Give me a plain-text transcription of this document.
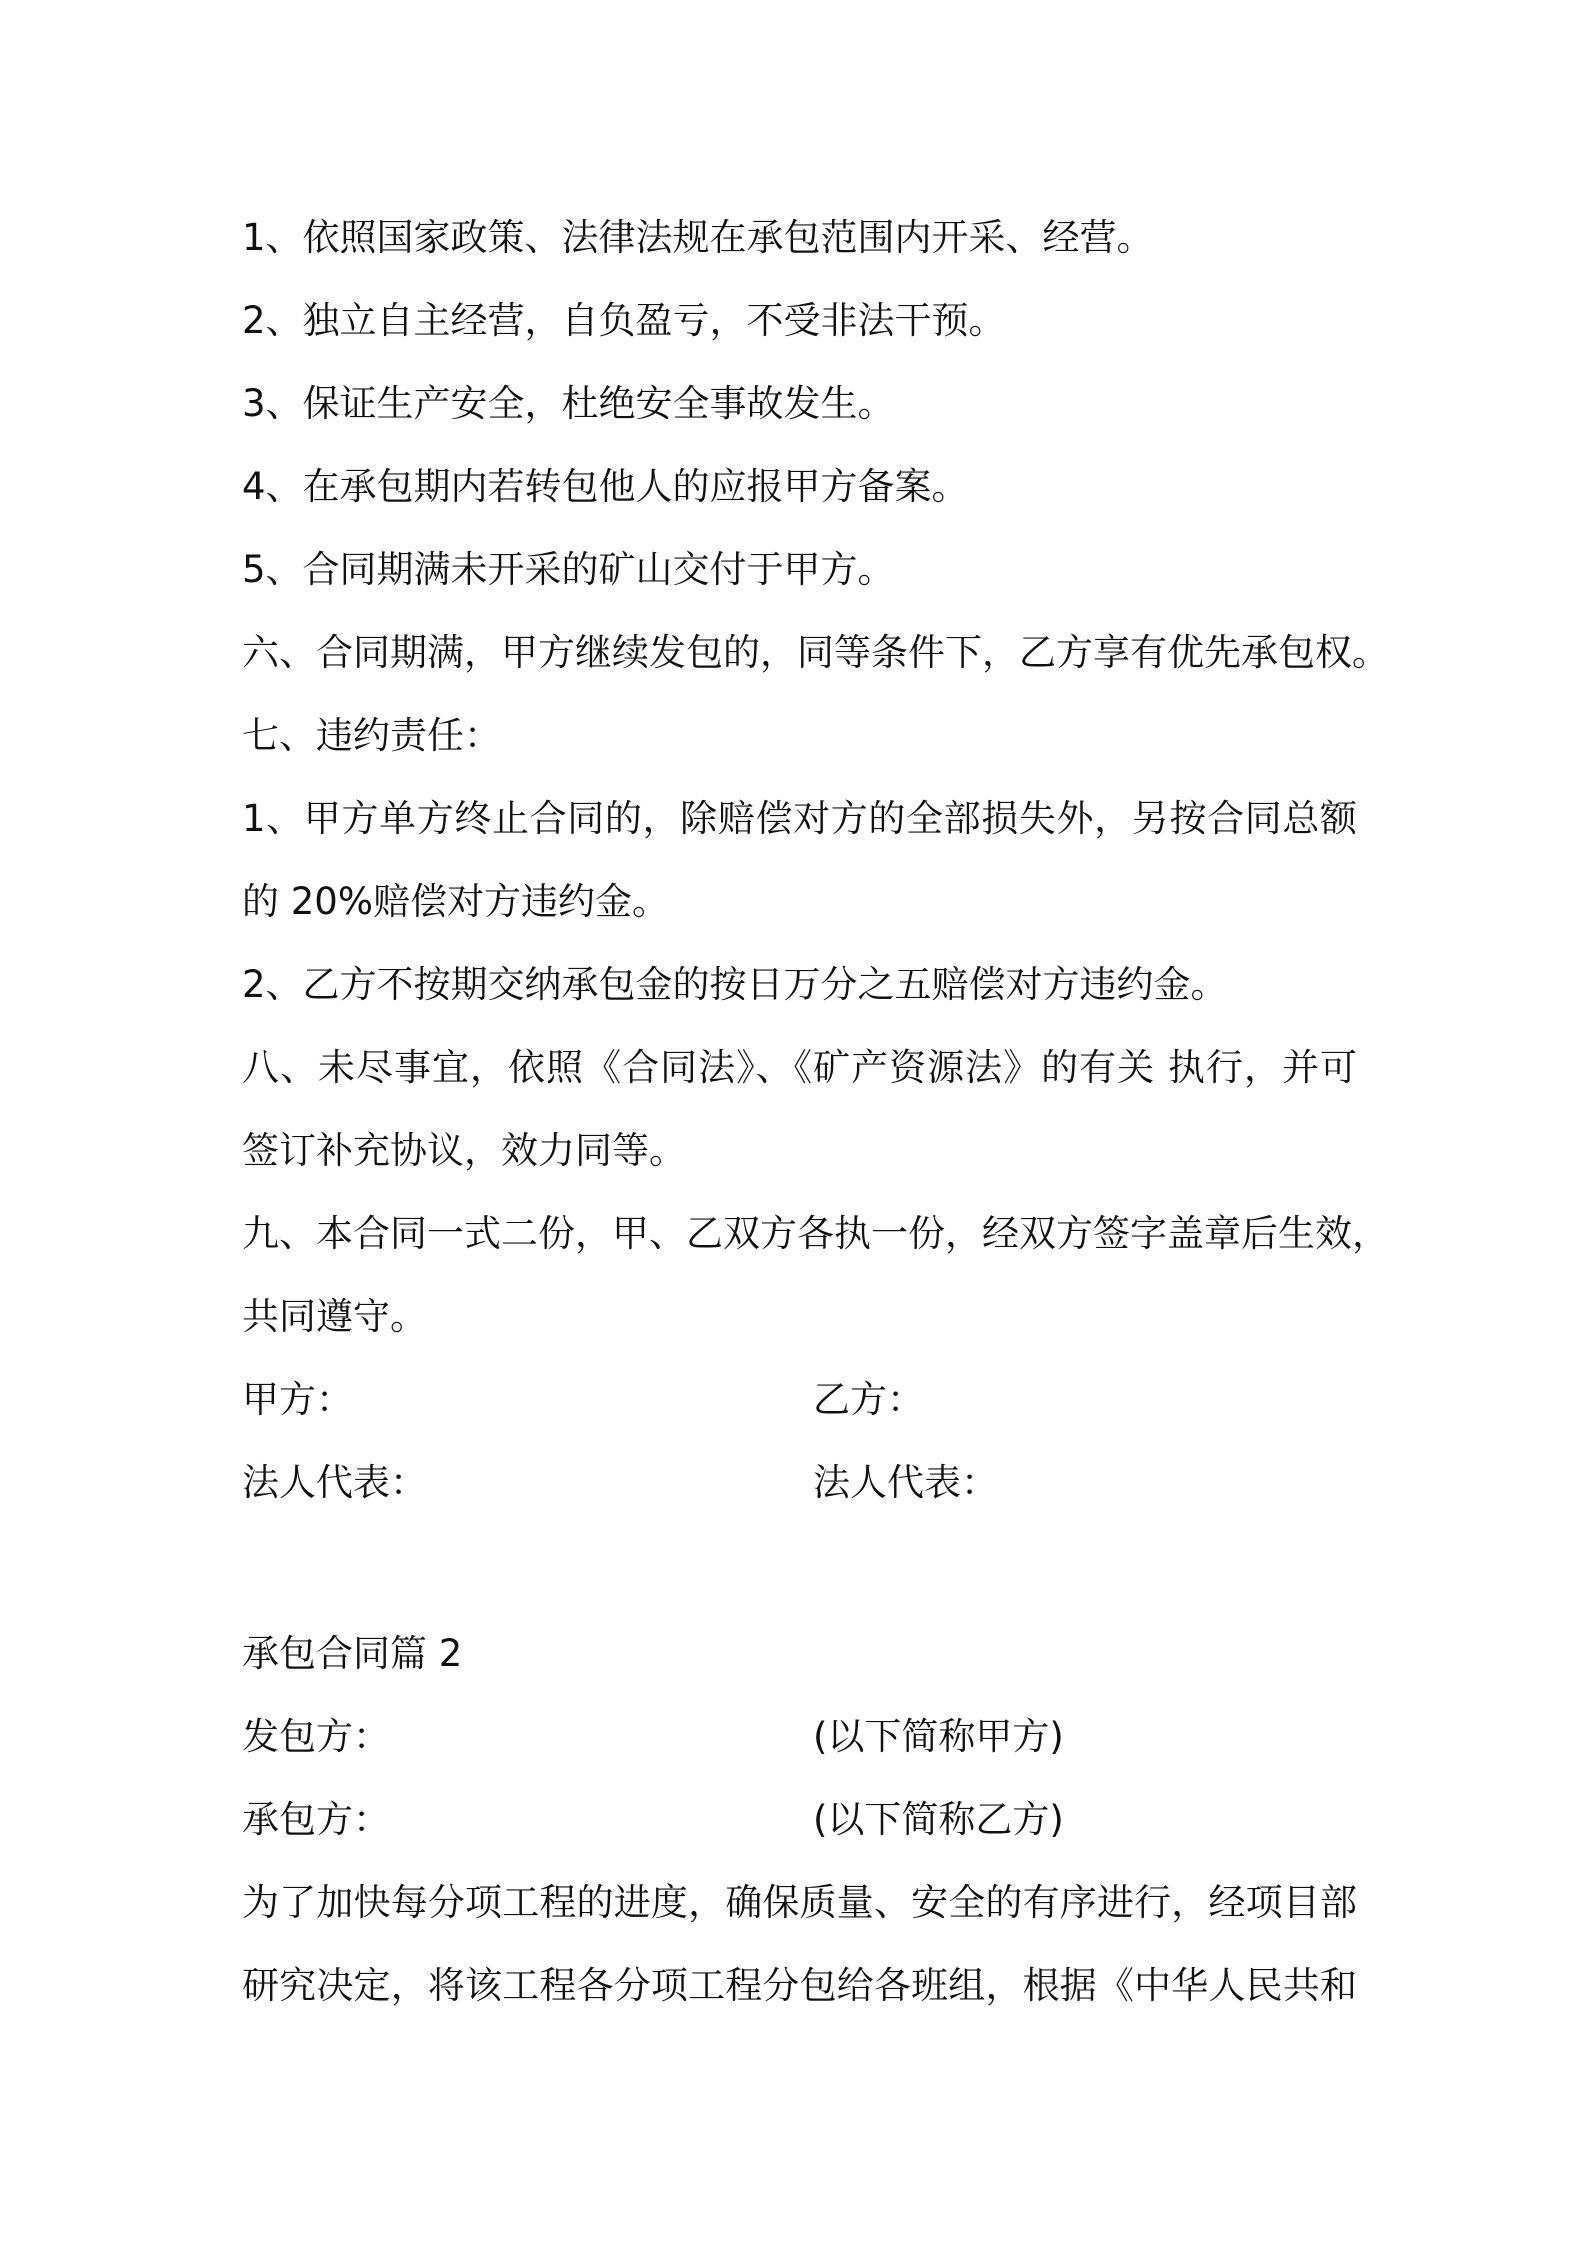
1、依照国家政策、法律法规在承包范围内开采、经营。
2、独立自主经营，自负盈亏，不受非法干预。
3、保证生产安全，杜绝安全事故发生。
4、在承包期内若转包他人的应报甲方备案。
5、合同期满未开采的矿山交付于甲方。
六、合同期满，甲方继续发包的，同等条件下，乙方享有优先承包权。
七、违约责任：
1、甲方单方终止合同的，除赔偿对方的全部损失外，另按合同总额
的 20%赔偿对方违约金。
2、乙方不按期交纳承包金的按日万分之五赔偿对方违约金。
八、未尽事宜，依照《合同法》、《矿产资源法》的有关 执行，并可
签订补充协议，效力同等。
九、本合同一式二份，甲、乙双方各执一份，经双方签字盖章后生效，
共同遵守。
甲方：	乙方：
法人代表：	法人代表：
承包合同篇 2
发包方：	(以下简称甲方)
承包方：	(以下简称乙方)
为了加快每分项工程的进度，确保质量、安全的有序进行，经项目部
研究决定，将该工程各分项工程分包给各班组，根据《中华人民共和
